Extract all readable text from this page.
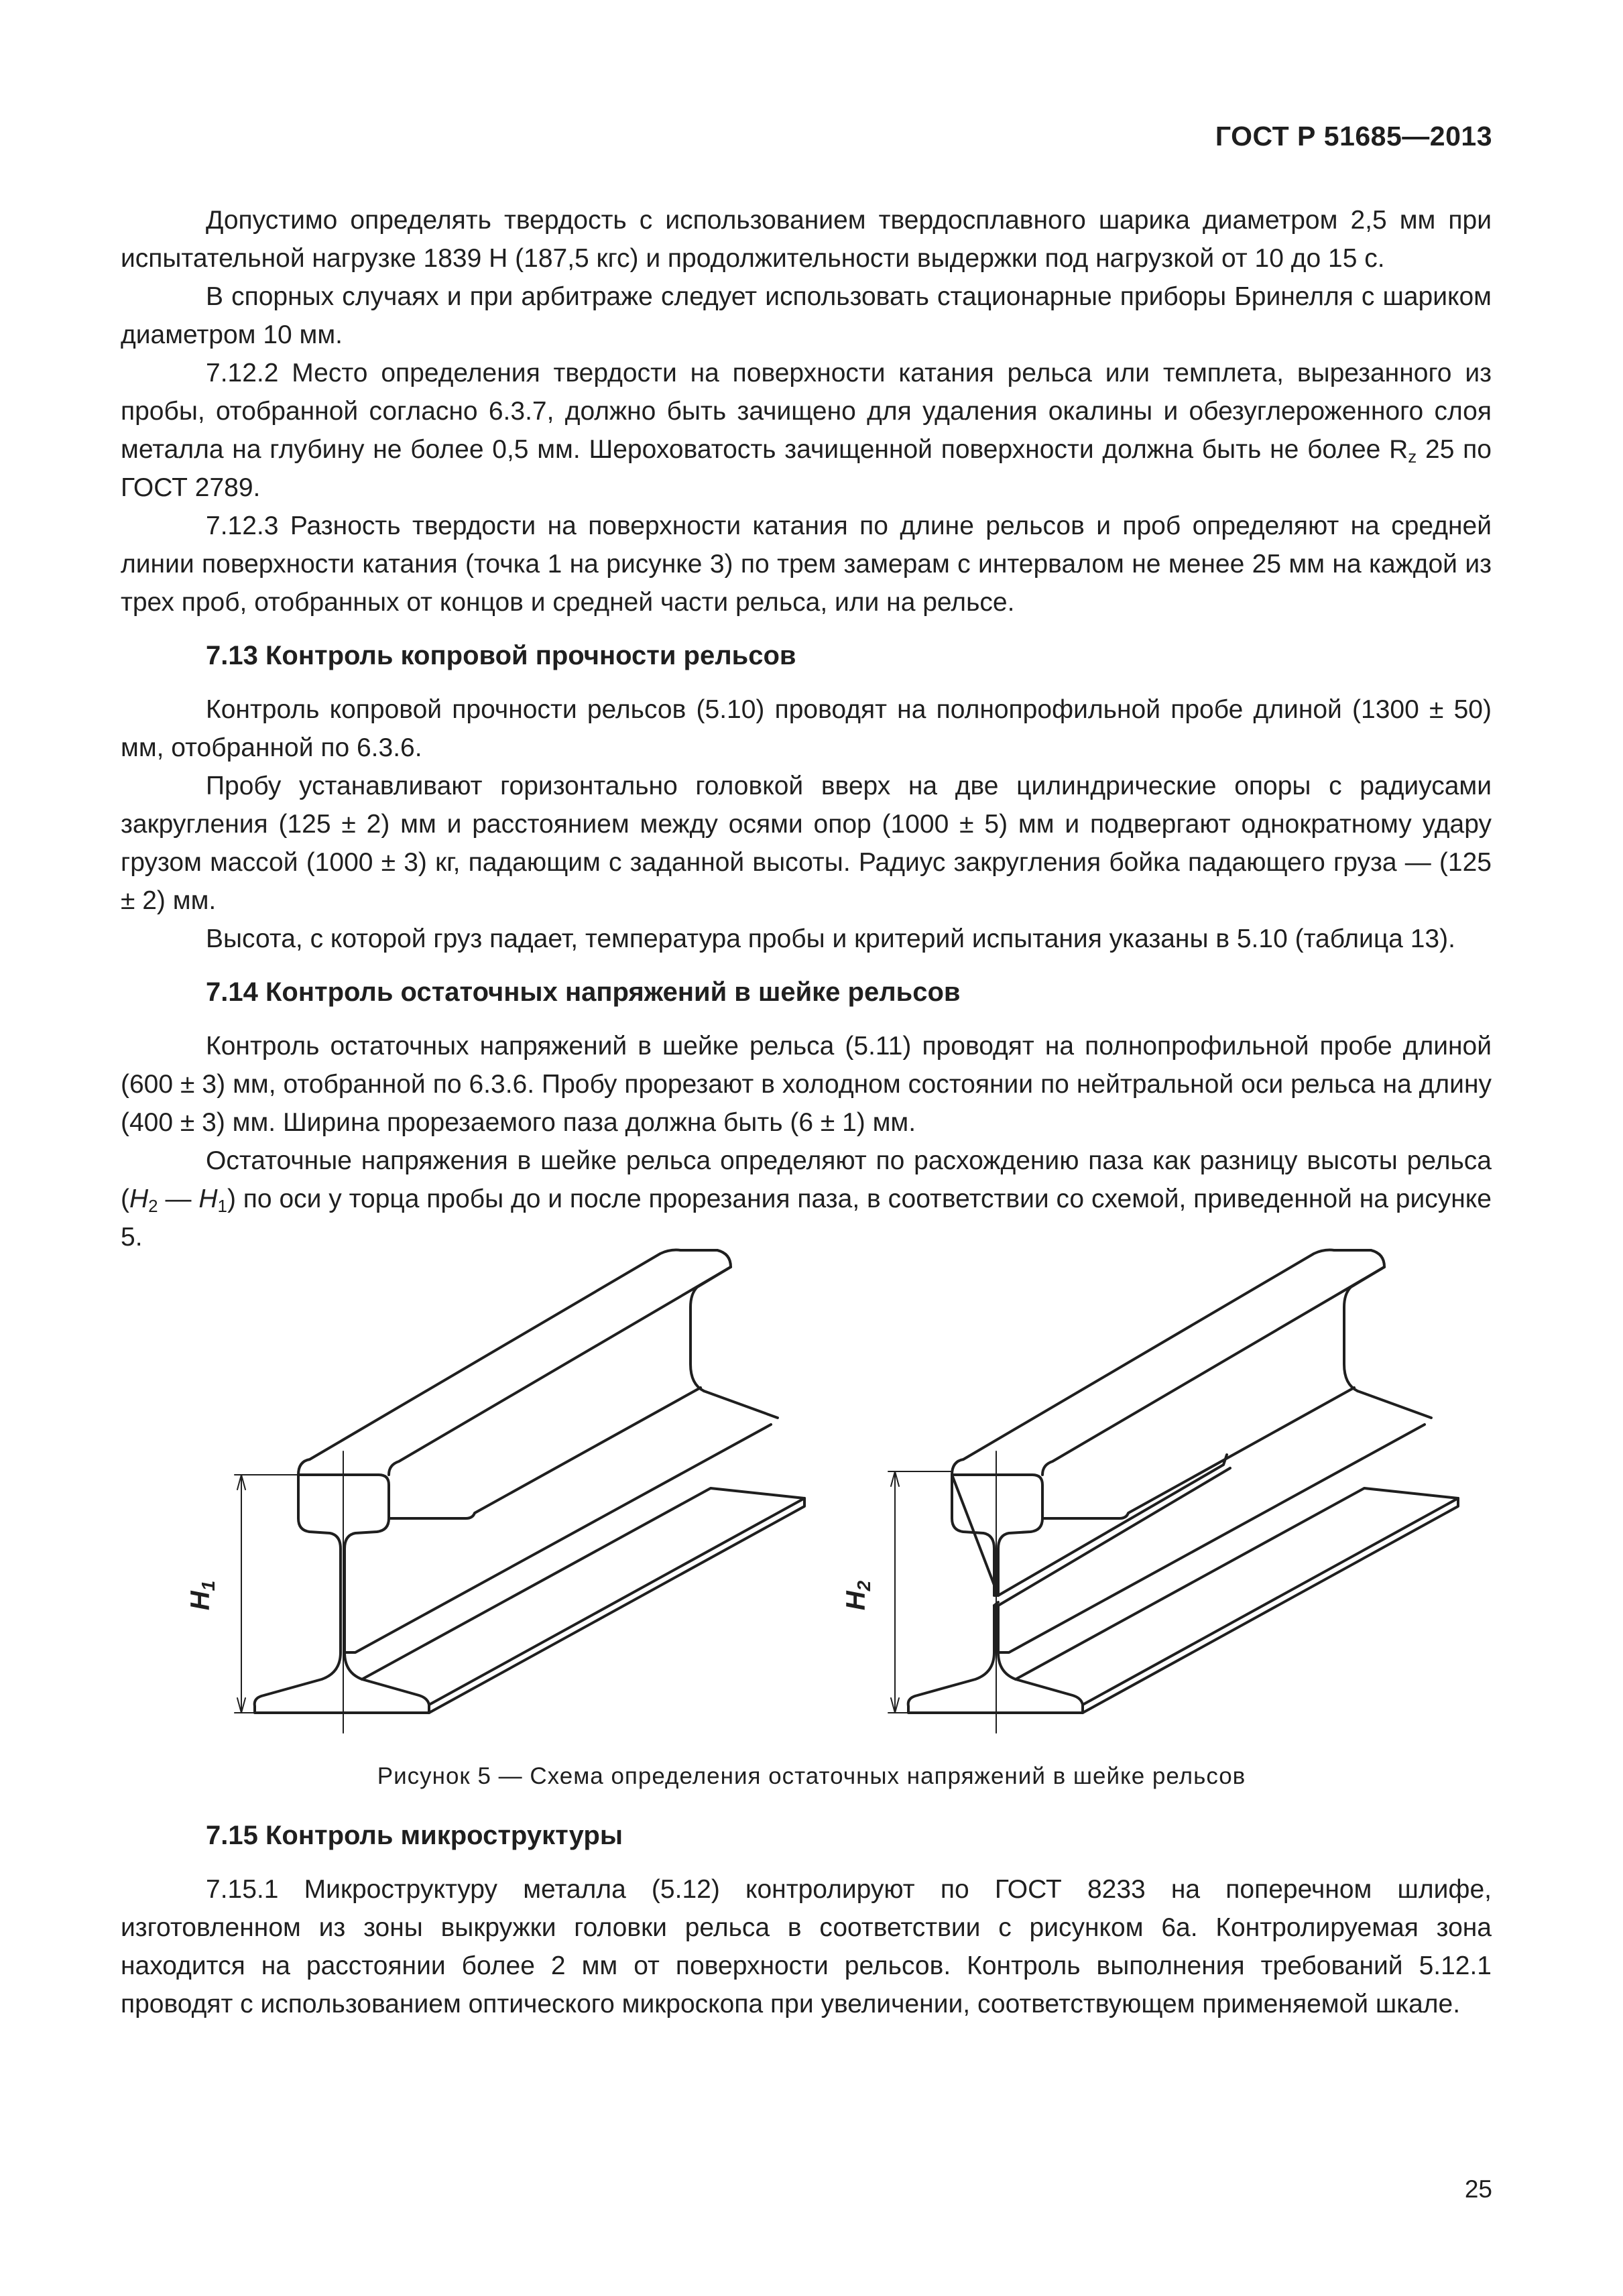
ГОСТ Р 51685—2013

Допустимо определять твердость с использованием твердосплавного шарика диаметром 2,5 мм при испытательной нагрузке 1839 Н (187,5 кгс) и продолжительности выдержки под нагрузкой от 10 до 15 с.

В спорных случаях и при арбитраже следует использовать стационарные приборы Бринелля с шариком диаметром 10 мм.

7.12.2 Место определения твердости на поверхности катания рельса или темплета, вырезанного из пробы, отобранной согласно 6.3.7, должно быть зачищено для удаления окалины и обезуглероженного слоя металла на глубину не более 0,5 мм. Шероховатость зачищенной поверхности должна быть не более $R_z$ 25 по ГОСТ 2789.

7.12.3 Разность твердости на поверхности катания по длине рельсов и проб определяют на средней линии поверхности катания (точка 1 на рисунке 3) по трем замерам с интервалом не менее 25 мм на каждой из трех проб, отобранных от концов и средней части рельса, или на рельсе.

7.13 Контроль копровой прочности рельсов

Контроль копровой прочности рельсов (5.10) проводят на полнопрофильной пробе длиной (1300 ± 50) мм, отобранной по 6.3.6.

Пробу устанавливают горизонтально головкой вверх на две цилиндрические опоры с радиусами закругления (125 ± 2) мм и расстоянием между осями опор (1000 ± 5) мм и подвергают однократному удару грузом массой (1000 ± 3) кг, падающим с заданной высоты. Радиус закругления бойка падающего груза — (125 ± 2) мм.

Высота, с которой груз падает, температура пробы и критерий испытания указаны в 5.10 (таблица 13).

7.14 Контроль остаточных напряжений в шейке рельсов

Контроль остаточных напряжений в шейке рельса (5.11) проводят на полнопрофильной пробе длиной (600 ± 3) мм, отобранной по 6.3.6. Пробу прорезают в холодном состоянии по нейтральной оси рельса на длину (400 ± 3) мм. Ширина прорезаемого паза должна быть (6 ± 1) мм.

Остаточные напряжения в шейке рельса определяют по расхождению паза как разницу высоты рельса ($H_2$ — $H_1$) по оси у торца пробы до и после прорезания паза, в соответствии со схемой, приведенной на рисунке 5.

$H_1$
$H_2$
Рисунок 5 — Схема определения остаточных напряжений в шейке рельсов
7.15 Контроль микроструктуры

7.15.1 Микроструктуру металла (5.12) контролируют по ГОСТ 8233 на поперечном шлифе, изготовленном из зоны выкружки головки рельса в соответствии с рисунком 6а. Контролируемая зона находится на расстоянии более 2 мм от поверхности рельсов. Контроль выполнения требований 5.12.1 проводят с использованием оптического микроскопа при увеличении, соответствующем применяемой шкале.

25
